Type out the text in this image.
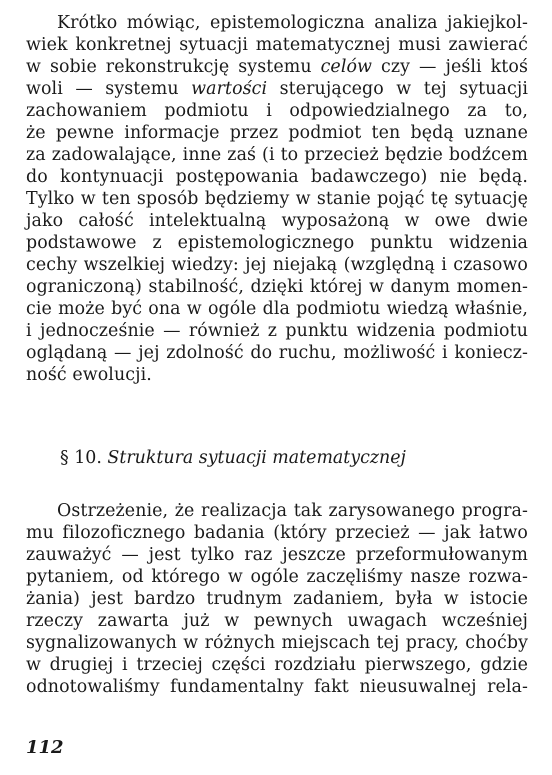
Krótko mówiąc, epistemologiczna analiza jakiejkol-
wiek konkretnej sytuacji matematycznej musi zawierać
w sobie rekonstrukcję systemu celów czy — jeśli ktoś
woli — systemu wartości sterującego w tej sytuacji
zachowaniem podmiotu i odpowiedzialnego za to,
że pewne informacje przez podmiot ten będą uznane
za zadowalające, inne zaś (i to przecież będzie bodźcem
do kontynuacji postępowania badawczego) nie będą.
Tylko w ten sposób będziemy w stanie pojąć tę sytuację
jako całość intelektualną wyposażoną w owe dwie
podstawowe z epistemologicznego punktu widzenia
cechy wszelkiej wiedzy: jej niejaką (względną i czasowo
ograniczoną) stabilność, dzięki której w danym momen-
cie może być ona w ogóle dla podmiotu wiedzą właśnie,
i jednocześnie — również z punktu widzenia podmiotu
oglądaną — jej zdolność do ruchu, możliwość i koniecz-
ność ewolucji.
§ 10. Struktura sytuacji matematycznej
Ostrzeżenie, że realizacja tak zarysowanego progra-
mu filozoficznego badania (który przecież — jak łatwo
zauważyć — jest tylko raz jeszcze przeformułowanym
pytaniem, od którego w ogóle zaczęliśmy nasze rozwa-
żania) jest bardzo trudnym zadaniem, była w istocie
rzeczy zawarta już w pewnych uwagach wcześniej
sygnalizowanych w różnych miejscach tej pracy, choćby
w drugiej i trzeciej części rozdziału pierwszego, gdzie
odnotowaliśmy fundamentalny fakt nieusuwalnej rela-
112
